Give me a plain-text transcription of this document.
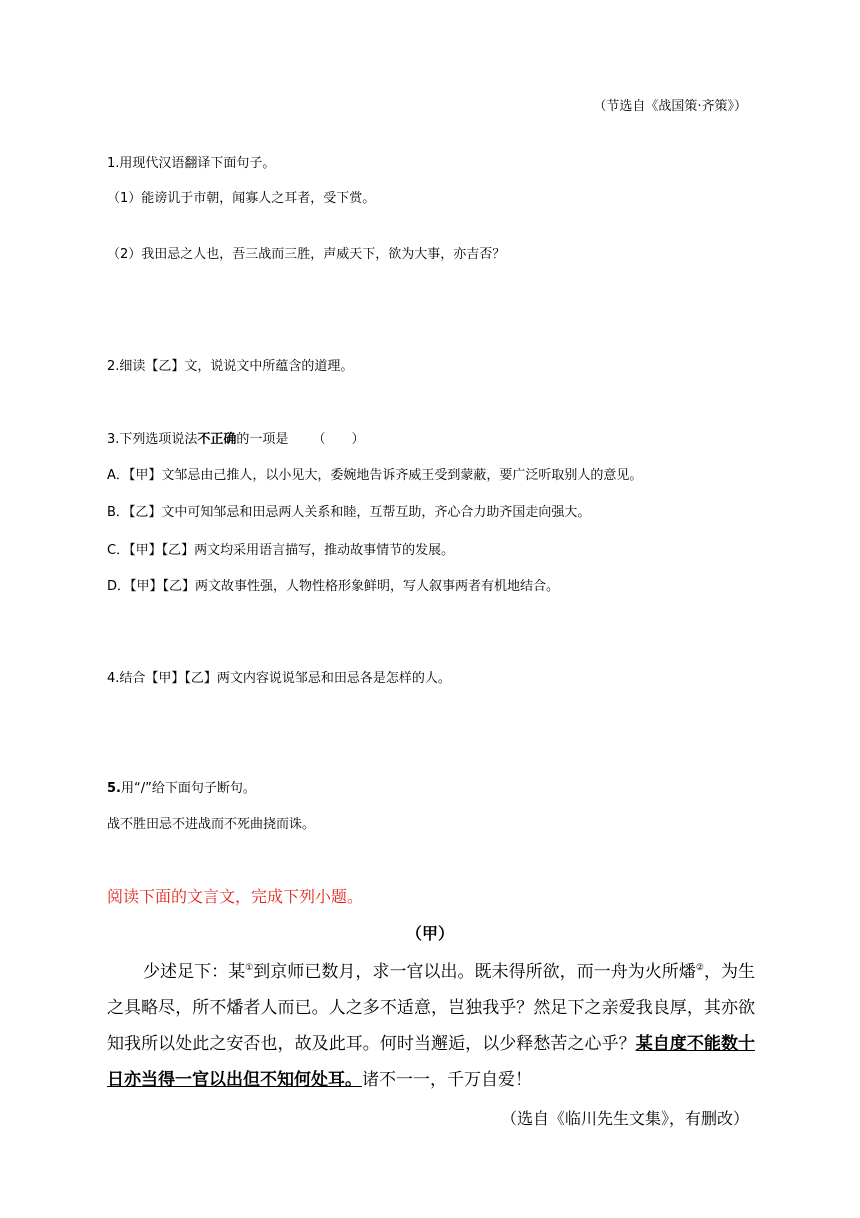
（节选自《战国策·齐策》）
1.用现代汉语翻译下面句子。
（1）能谤讥于市朝，闻寡人之耳者，受下赏。
（2）我田忌之人也，吾三战而三胜，声威天下，欲为大事，亦吉否？
2.细读【乙】文，说说文中所蕴含的道理。
3.下列选项说法不正确的一项是 （　　）
A．【甲】文邹忌由己推人，以小见大，委婉地告诉齐威王受到蒙蔽，要广泛听取别人的意见。
B．【乙】文中可知邹忌和田忌两人关系和睦，互帮互助，齐心合力助齐国走向强大。
C．【甲】【乙】两文均采用语言描写，推动故事情节的发展。
D．【甲】【乙】两文故事性强，人物性格形象鲜明，写人叙事两者有机地结合。
4.结合【甲】【乙】两文内容说说邹忌和田忌各是怎样的人。
5.用“/”给下面句子断句。
战不胜田忌不进战而不死曲挠而诛。
阅读下面的文言文，完成下列小题。
（甲）
少述足下：某①到京师已数月，求一官以出。既未得所欲，而一舟为火所燔②，为生之具略尽，所不燔者人而已。人之多不适意，岂独我乎？然足下之亲爱我良厚，其亦欲知我所以处此之安否也，故及此耳。何时当邂逅，以少释愁苦之心乎？某自度不能数十日亦当得一官以出但不知何处耳。诸不一一，千万自爱！
（选自《临川先生文集》，有删改）
